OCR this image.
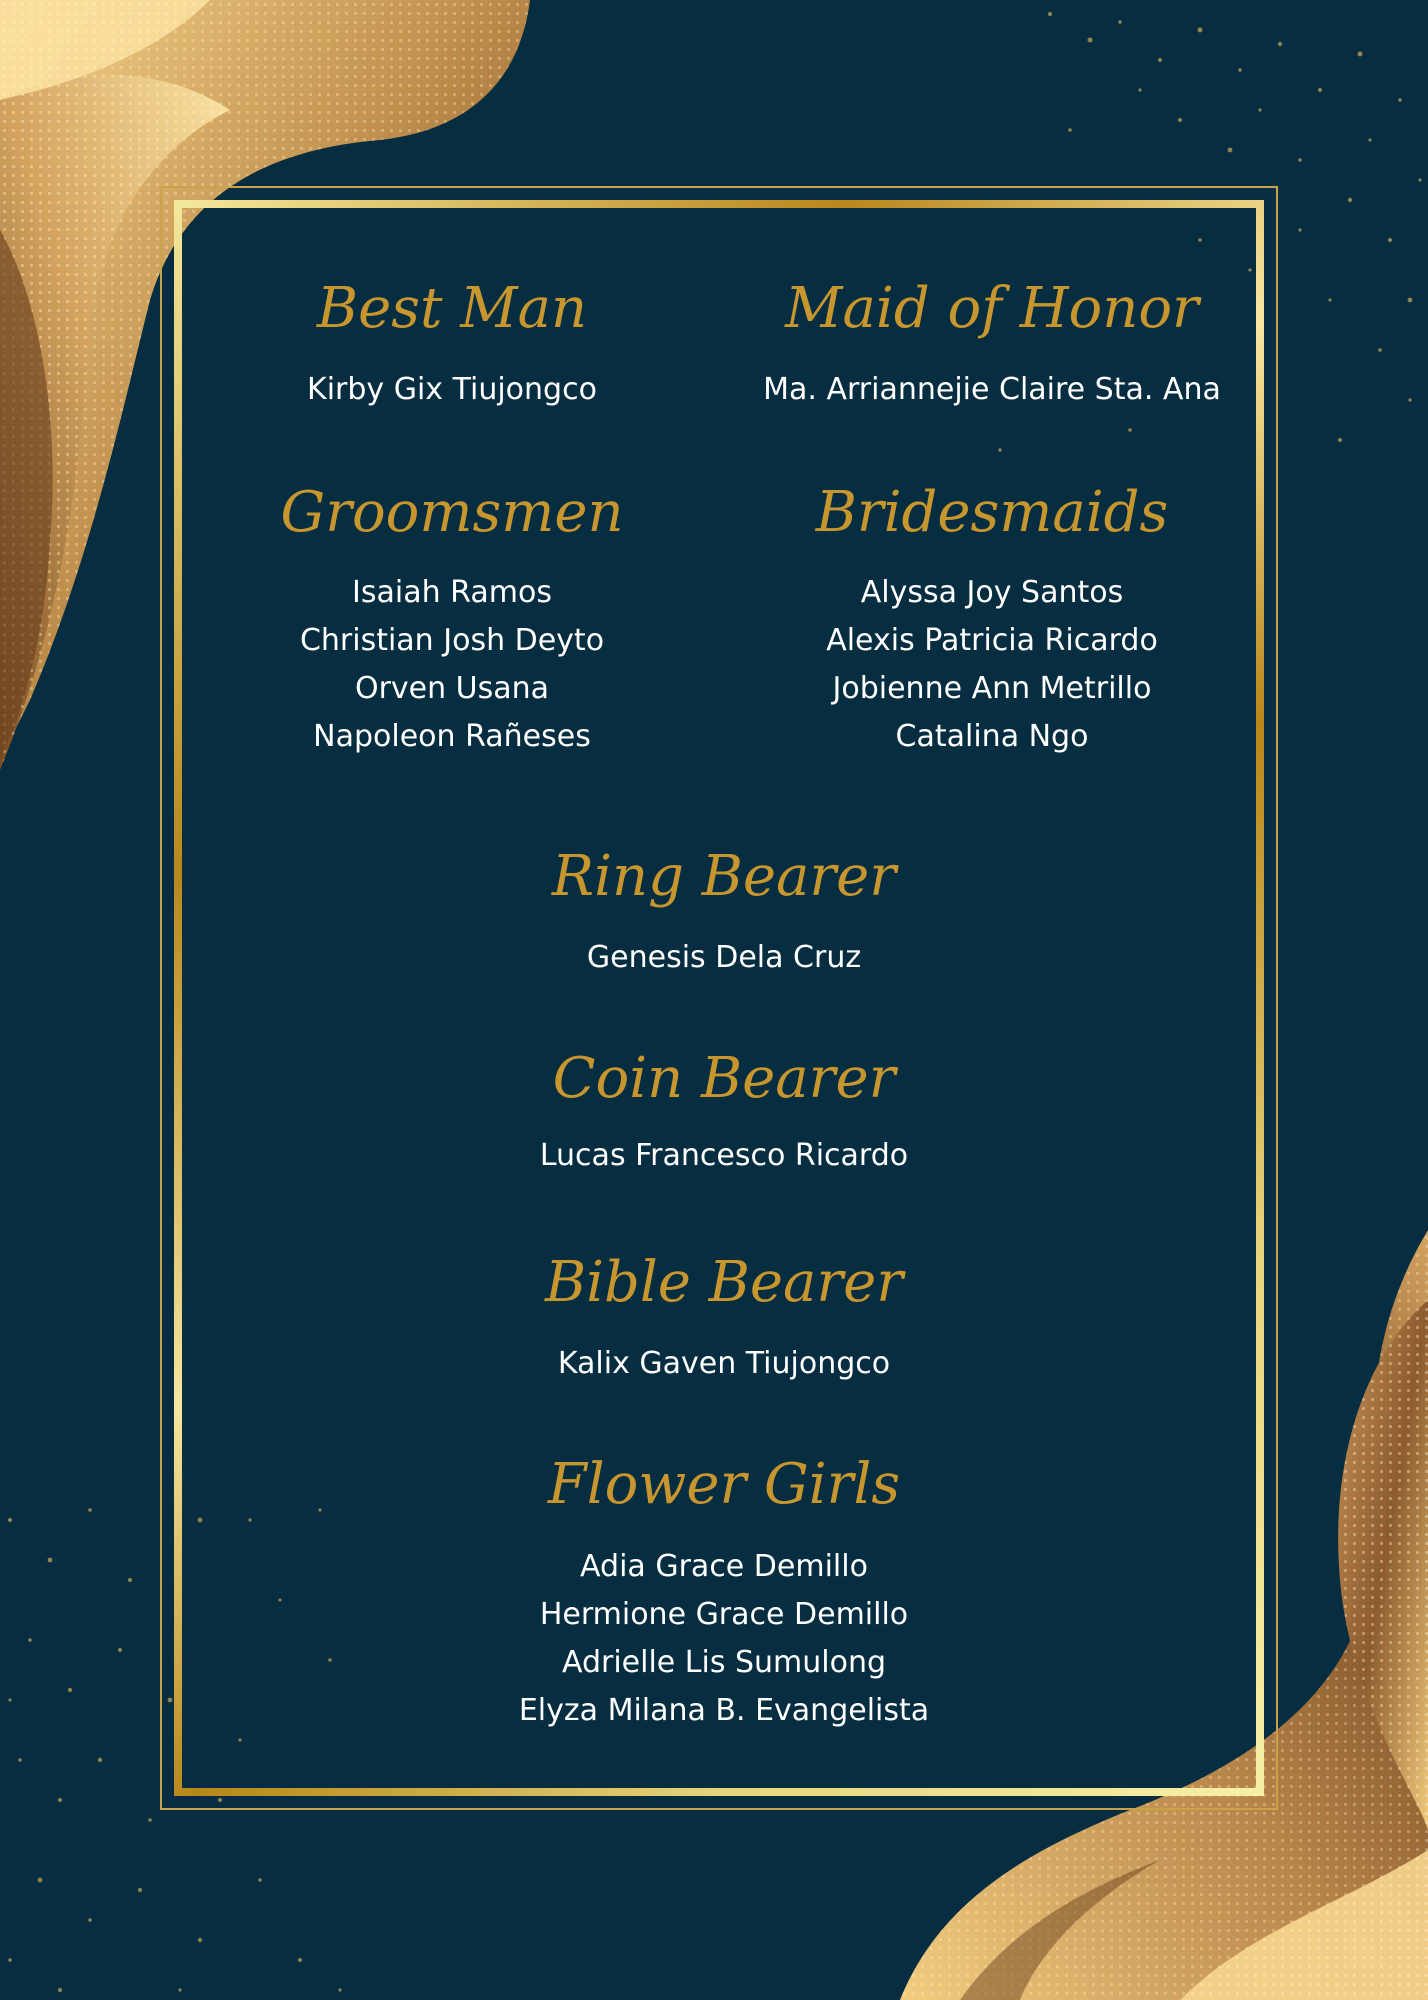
Best Man
Kirby Gix Tiujongco
Maid of Honor
Ma. Arriannejie Claire Sta. Ana
Groomsmen
Isaiah Ramos
Christian Josh Deyto
Orven Usana
Napoleon Rañeses
Bridesmaids
Alyssa Joy Santos
Alexis Patricia Ricardo
Jobienne Ann Metrillo
Catalina Ngo
Ring Bearer
Genesis Dela Cruz
Coin Bearer
Lucas Francesco Ricardo
Bible Bearer
Kalix Gaven Tiujongco
Flower Girls
Adia Grace Demillo
Hermione Grace Demillo
Adrielle Lis Sumulong
Elyza Milana B. Evangelista
